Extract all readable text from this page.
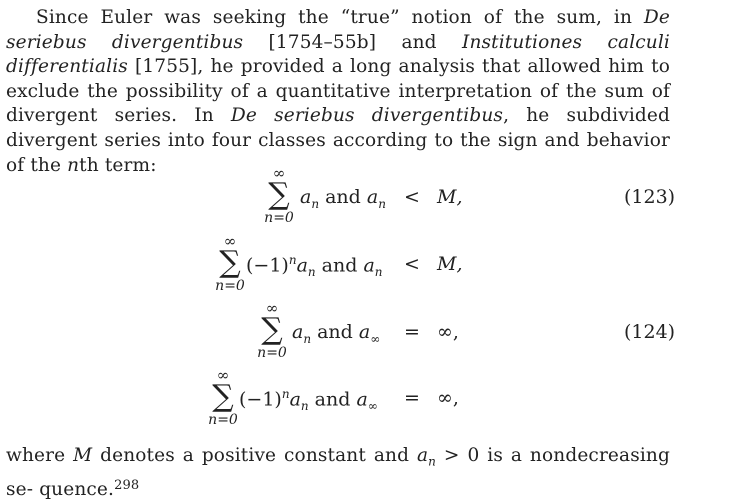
Since Euler was seeking the “true” notion of the sum, in De seriebus divergentibus [1754–55b] and Institutiones calculi differentialis [1755], he provided a long analysis that allowed him to exclude the possibility of a quantitative interpretation of the sum of divergent series. In De seriebus divergentibus, he subdivided divergent series into four classes according to the sign and behavior of the nth term:	∞
∑
n=0
$a_n$ and $a_n < M$,	(123)
∞
∑
n=0
$(-1)^na_n$ and $a_n < M$,
∞
∑
n=0
$a_n$ and $a_\infty$ = ∞,	(124)
∞
∑
n=0
$(-1)^na_n$ and $a_\infty$ = ∞,
where M denotes a positive constant and $a_n > 0$ is a nondecreasing se- quence.$^{298}$
